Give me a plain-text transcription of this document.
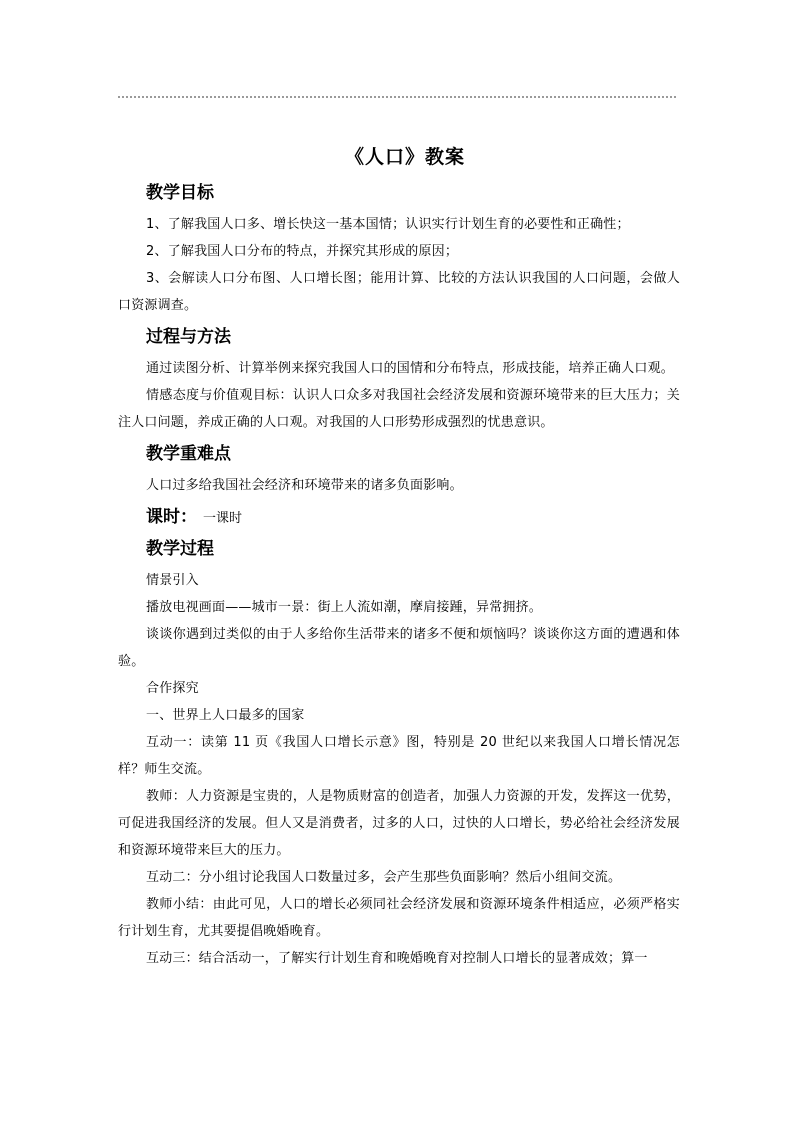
《人口》教案
教学目标

1、了解我国人口多、增长快这一基本国情；认识实行计划生育的必要性和正确性；

2、了解我国人口分布的特点，并探究其形成的原因；

3、会解读人口分布图、人口增长图；能用计算、比较的方法认识我国的人口问题，会做人口资源调查。

过程与方法

通过读图分析、计算举例来探究我国人口的国情和分布特点，形成技能，培养正确人口观。

情感态度与价值观目标：认识人口众多对我国社会经济发展和资源环境带来的巨大压力；关注人口问题，养成正确的人口观。对我国的人口形势形成强烈的忧患意识。

教学重难点

人口过多给我国社会经济和环境带来的诸多负面影响。

课时： 一课时
教学过程

情景引入

播放电视画面——城市一景：街上人流如潮，摩肩接踵，异常拥挤。

谈谈你遇到过类似的由于人多给你生活带来的诸多不便和烦恼吗？谈谈你这方面的遭遇和体验。

合作探究

一、世界上人口最多的国家

互动一：读第 11 页《我国人口增长示意》图，特别是 20 世纪以来我国人口增长情况怎样？师生交流。

教师：人力资源是宝贵的，人是物质财富的创造者，加强人力资源的开发，发挥这一优势，可促进我国经济的发展。但人又是消费者，过多的人口，过快的人口增长，势必给社会经济发展和资源环境带来巨大的压力。

互动二：分小组讨论我国人口数量过多，会产生那些负面影响？然后小组间交流。

教师小结：由此可见，人口的增长必须同社会经济发展和资源环境条件相适应，必须严格实行计划生育，尤其要提倡晚婚晚育。

互动三：结合活动一，了解实行计划生育和晚婚晚育对控制人口增长的显著成效；算一
